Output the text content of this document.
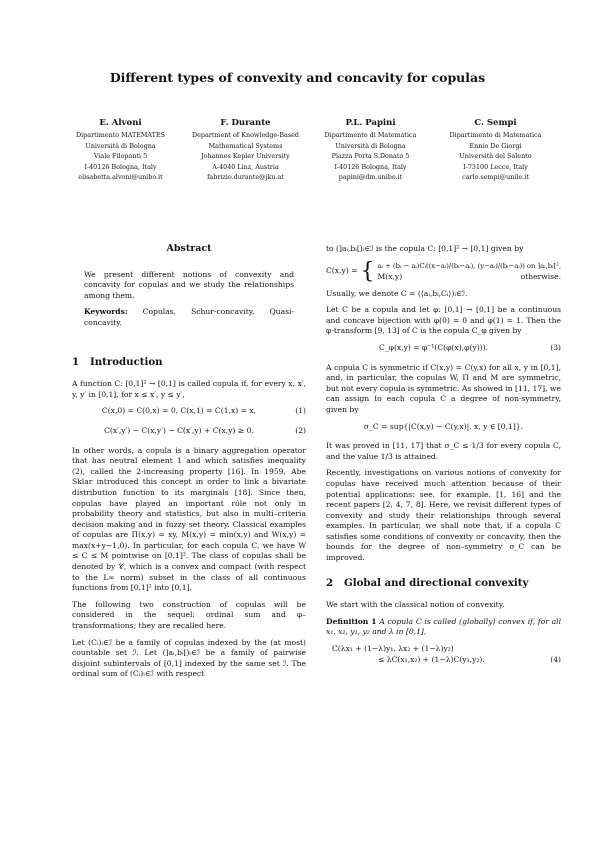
Different types of convexity and concavity for copulas
E. Alvoni
Dipartimento MATEMATES
Università di Bologna
Viale Filopanti 5
I-40126 Bologna, Italy
elisabetta.alvoni@unibo.it
F. Durante
Department of Knowledge-Based
Mathematical Systems
Johannes Kepler University
A-4040 Linz, Austria
fabrizio.durante@jku.at
P.L. Papini
Dipartimento di Matematica
Università di Bologna
Piazza Porta S.Donato 5
I-40126 Bologna, Italy
papini@dm.unibo.it
C. Sempi
Dipartimento di Matematica
Ennio De Giorgi
Università del Salento
I-73100 Lecce, Italy
carlo.sempi@unile.it
Abstract

We present different notions of convexity and concavity for copulas and we study the relationships among them.

Keywords: Copulas, Schur-concavity, Quasi-concavity.

1 Introduction

A function C: [0,1]² → [0,1] is called copula if, for every x, x′, y, y′ in [0,1], for x ≤ x′, y ≤ y′,

C(x,0) = C(0,x) = 0, C(x,1) = C(1,x) = x,	(1)
C(x′,y′) − C(x,y′) − C(x′,y) + C(x,y) ≥ 0.	(2)

In other words, a copula is a binary aggregation operator that has neutral element 1 and which satisfies inequality (2), called the 2-increasing property [16]. In 1959, Abe Sklar introduced this concept in order to link a bivariate distribution function to its marginals [18]. Since then, copulas have played an important rôle not only in probability theory and statistics, but also in multi–criteria decision making and in fuzzy set theory. Classical examples of copulas are Π(x,y) = xy, M(x,y) = min(x,y) and W(x,y) = max(x+y−1,0). In particular, for each copula C, we have W ≤ C ≤ M pointwise on [0,1]². The class of copulas shall be denoted by 𝒞, which is a convex and compact (with respect to the L∞ norm) subset in the class of all continuous functions from [0,1]² into [0,1].

The following two construction of copulas will be considered in the sequel: ordinal sum and φ–transformations; they are recalled here.

Let (Cᵢ)ᵢ∈ℐ be a family of copulas indexed by the (at most) countable set ℐ. Let (]aᵢ,bᵢ[)ᵢ∈ℐ be a family of pairwise disjoint subintervals of [0,1] indexed by the same set ℐ. The ordinal sum of (Cᵢ)ᵢ∈ℐ with respect

to (]aᵢ,bᵢ[)ᵢ∈ℐ is the copula C: [0,1]² → [0,1] given by

C(x,y) = { aᵢ + (bᵢ − aᵢ)Cᵢ((x−aᵢ)/(bᵢ−aᵢ), (y−aᵢ)/(bᵢ−aᵢ)) on ]aᵢ,bᵢ[²,
M(x,y)	otherwise.

Usually, we denote C = (⟨aᵢ,bᵢ,Cᵢ⟩)ᵢ∈ℐ.

Let C be a copula and let φ: [0,1] → [0,1] be a continuous and concave bijection with φ(0) = 0 and φ(1) = 1. Then the φ-transform [9, 13] of C is the copula C_φ given by

C_φ(x,y) = φ⁻¹(C(φ(x),φ(y))).	(3)

A copula C is symmetric if C(x,y) = C(y,x) for all x, y in [0,1], and, in particular, the copulas W, Π and M are symmetric, but not every copula is symmetric. As showed in [11, 17], we can assign to each copula C a degree of non-symmetry, given by

σ_C = sup{|C(x,y) − C(y,x)|, x, y ∈ [0,1]}.

It was proved in [11, 17] that σ_C ≤ 1/3 for every copula C, and the value 1/3 is attained.

Recently, investigations on various notions of convexity for copulas have received much attention because of their potential applications: see, for example, [1, 16] and the recent papers [2, 4, 7, 8]. Here, we revisit different types of convexity and study their relationships through several examples. In particular, we shall note that, if a copula C satisfies some conditions of convexity or concavity, then the bounds for the degree of non–symmetry σ_C can be improved.

2 Global and directional convexity

We start with the classical notion of convexity.

Definition 1 A copula C is called (globally) convex if, for all x₁, x₂, y₁, y₂ and λ in [0,1],

C(λx₁ + (1−λ)y₁, λx₂ + (1−λ)y₂)
≤ λC(x₁,x₂) + (1−λ)C(y₁,y₂).	(4)
